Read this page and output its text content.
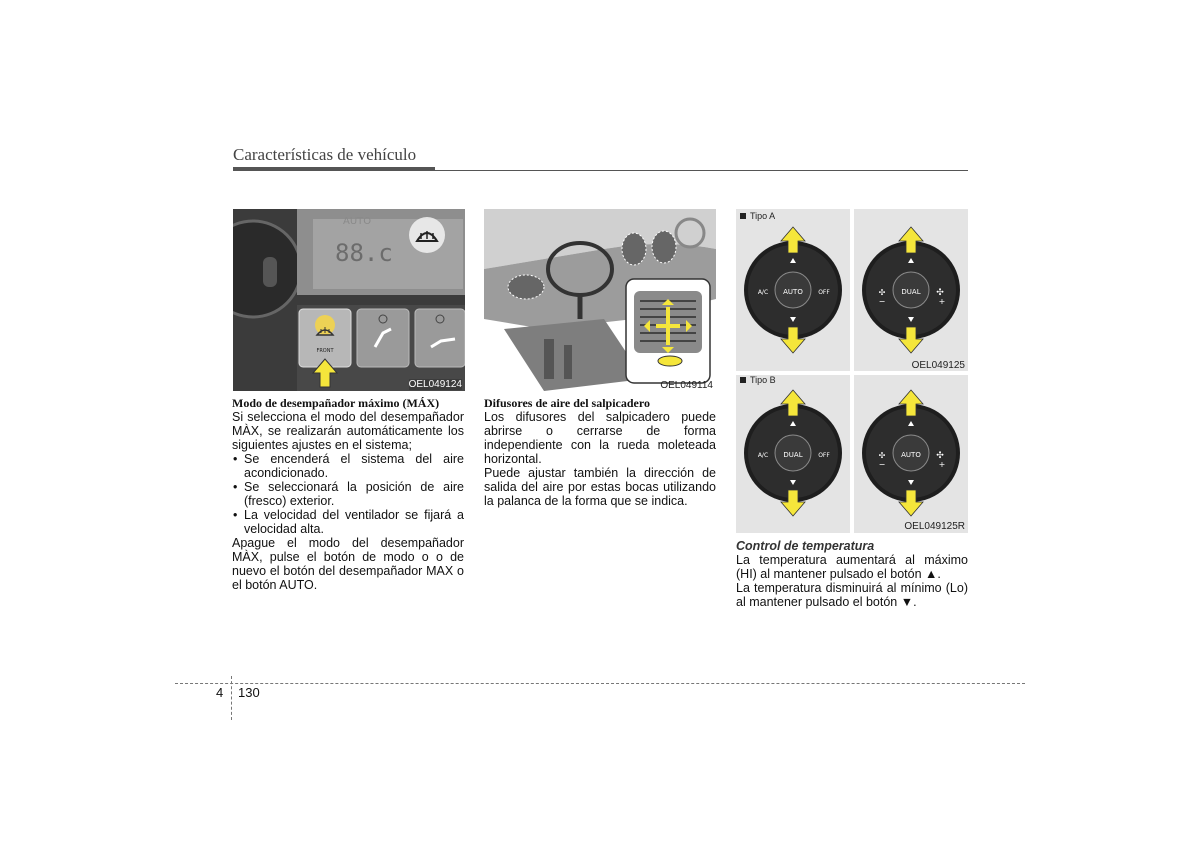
Características de vehículo
88.c
AUTO
FRONT
OEL049124	OEL049114
AUTO
A/C	OFF	DUAL
✣	✣
+
−
DUAL
A/C	OFF	AUTO
✣	✣
+
−
Tipo A
Tipo B
OEL049125
OEL049125R

Modo de desempañador máximo (MÁX)

Si selecciona el modo del desempañador MÀX, se realizarán automáticamente los siguientes ajustes en el sistema;

• Se encenderá el sistema del aire acondicionado.
• Se seleccionará la posición de aire (fresco) exterior.
• La velocidad del ventilador se fijará a velocidad alta.

Apague el modo del desempañador MÀX, pulse el botón de modo o o de nuevo el botón del desempañador MAX o el botón AUTO.

Difusores de aire del salpicadero

Los difusores del salpicadero puede abrirse o cerrarse de forma independiente con la rueda moleteada horizontal.

Puede ajustar también la dirección de salida del aire por estas bocas utilizando la palanca de la forma que se indica.

Control de temperatura

La temperatura aumentará al máximo (HI) al mantener pulsado el botón ▲.

La temperatura disminuirá al mínimo (Lo) al mantener pulsado el botón ▼.

4 130
